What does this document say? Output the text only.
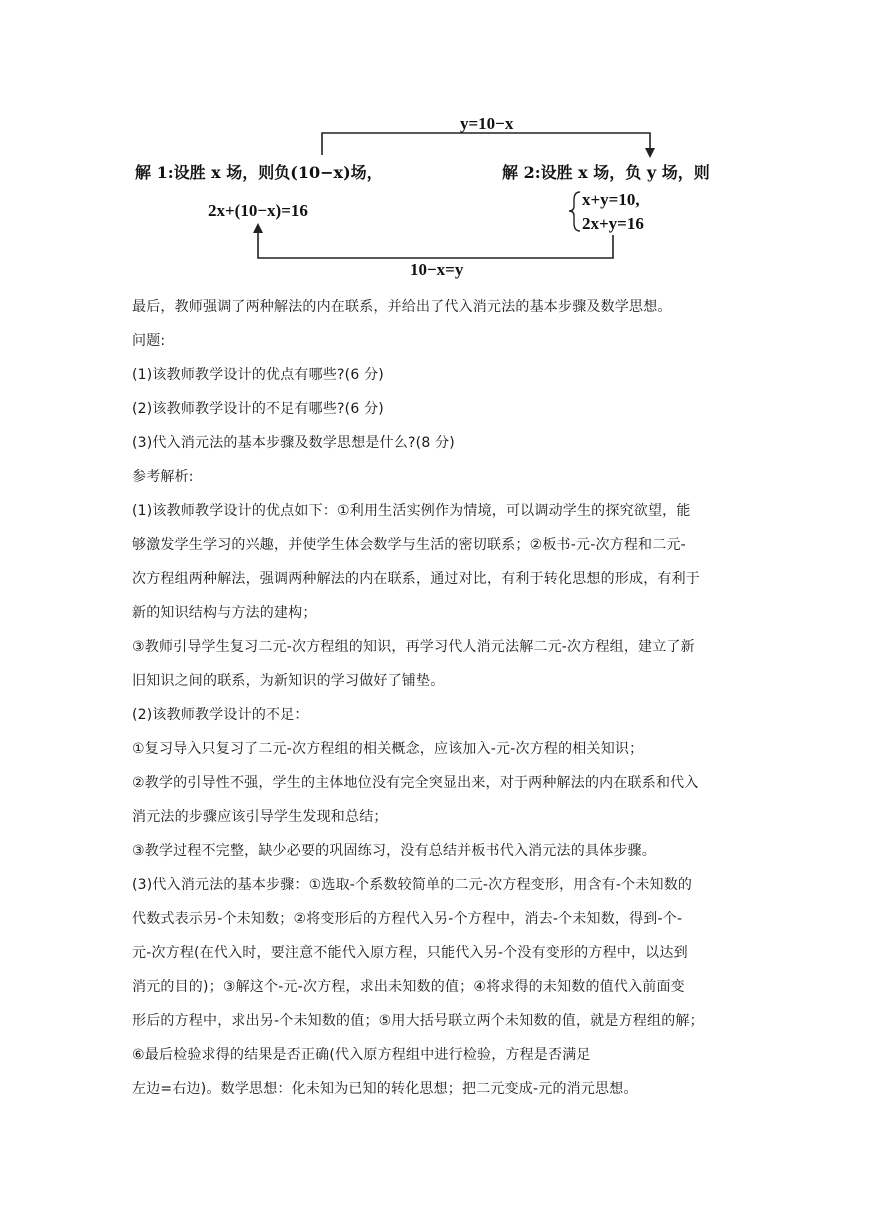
y=10−x
解 1:设胜 x 场，则负(10−x)场，
2x+(10−x)=16
解 2:设胜 x 场，负 y 场，则
x+y=10,
2x+y=16
10−x=y
最后，教师强调了两种解法的内在联系，并给出了代入消元法的基本步骤及数学思想。
问题:
(1)该教师教学设计的优点有哪些?(6 分)
(2)该教师教学设计的不足有哪些?(6 分)
(3)代入消元法的基本步骤及数学思想是什么?(8 分)
参考解析:
(1)该教师教学设计的优点如下：①利用生活实例作为情境，可以调动学生的探究欲望，能
够激发学生学习的兴趣，并使学生体会数学与生活的密切联系；②板书-元-次方程和二元-
次方程组两种解法，强调两种解法的内在联系，通过对比，有利于转化思想的形成，有利于
新的知识结构与方法的建构；
③教师引导学生复习二元-次方程组的知识，再学习代人消元法解二元-次方程组，建立了新
旧知识之间的联系，为新知识的学习做好了铺垫。
(2)该教师教学设计的不足：
①复习导入只复习了二元-次方程组的相关概念，应该加入-元-次方程的相关知识；
②教学的引导性不强，学生的主体地位没有完全突显出来，对于两种解法的内在联系和代入
消元法的步骤应该引导学生发现和总结；
③教学过程不完整，缺少必要的巩固练习，没有总结并板书代入消元法的具体步骤。
(3)代入消元法的基本步骤：①选取-个系数较简单的二元-次方程变形，用含有-个未知数的
代数式表示另-个未知数；②将变形后的方程代入另-个方程中，消去-个未知数，得到-个-
元-次方程(在代入时，要注意不能代入原方程，只能代入另-个没有变形的方程中，以达到
消元的目的)；③解这个-元-次方程，求出未知数的值；④将求得的未知数的值代入前面变
形后的方程中，求出另-个未知数的值；⑤用大括号联立两个未知数的值，就是方程组的解；
⑥最后检验求得的结果是否正确(代入原方程组中进行检验，方程是否满足
左边=右边)。数学思想：化未知为已知的转化思想；把二元变成-元的消元思想。
